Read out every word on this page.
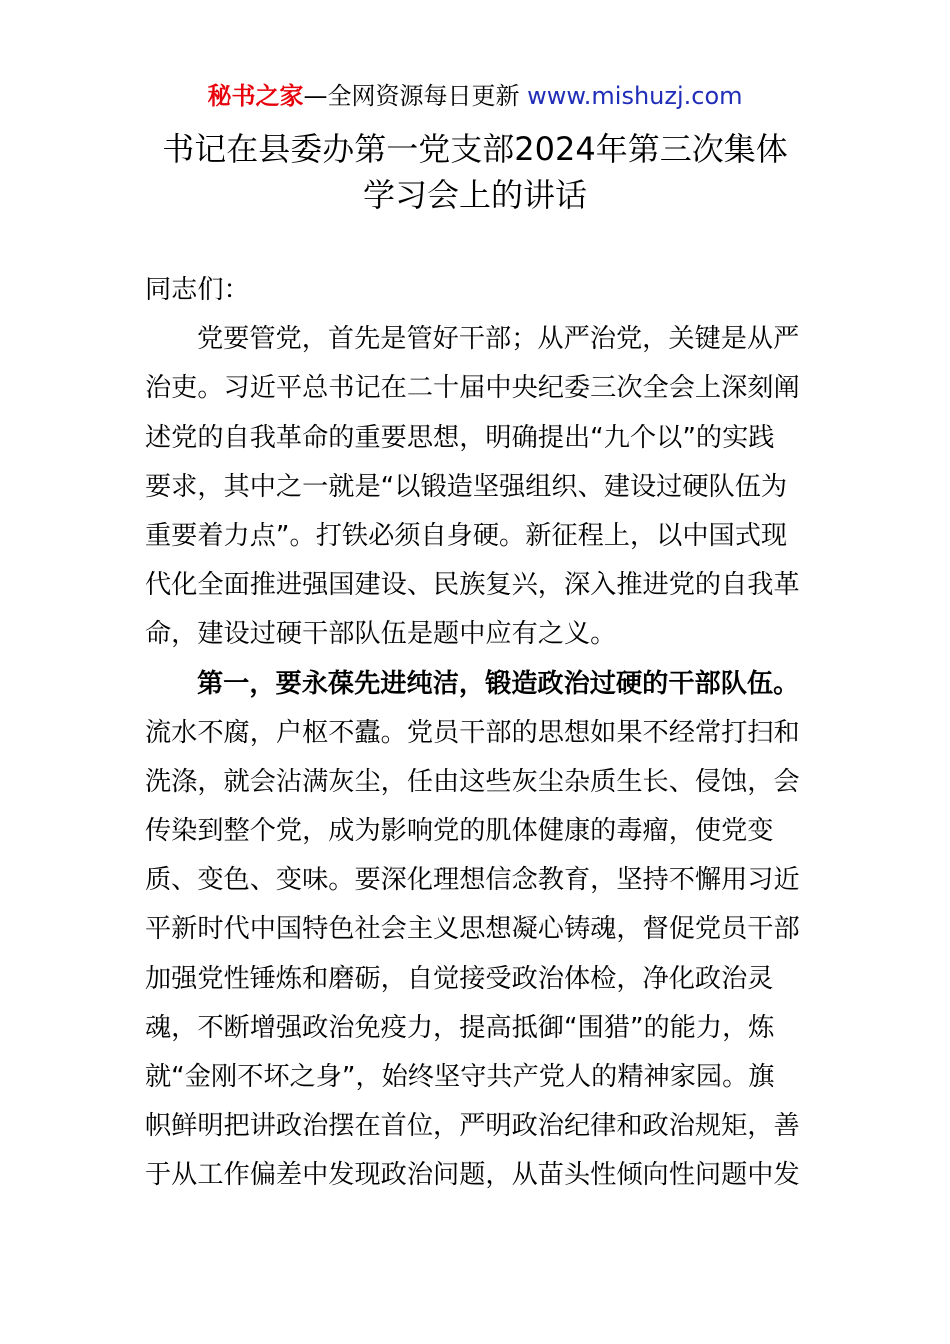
秘书之家—全网资源每日更新 www.mishuzj.com
书记在县委办第一党支部2024年第三次集体
学习会上的讲话
同志们：
党要管党，首先是管好干部；从严治党，关键是从严
治吏。习近平总书记在二十届中央纪委三次全会上深刻阐
述党的自我革命的重要思想，明确提出“九个以”的实践
要求，其中之一就是“以锻造坚强组织、建设过硬队伍为
重要着力点”。打铁必须自身硬。新征程上，以中国式现
代化全面推进强国建设、民族复兴，深入推进党的自我革
命，建设过硬干部队伍是题中应有之义。
第一，要永葆先进纯洁，锻造政治过硬的干部队伍。
流水不腐，户枢不蠹。党员干部的思想如果不经常打扫和
洗涤，就会沾满灰尘，任由这些灰尘杂质生长、侵蚀，会
传染到整个党，成为影响党的肌体健康的毒瘤，使党变
质、变色、变味。要深化理想信念教育，坚持不懈用习近
平新时代中国特色社会主义思想凝心铸魂，督促党员干部
加强党性锤炼和磨砺，自觉接受政治体检，净化政治灵
魂，不断增强政治免疫力，提高抵御“围猎”的能力，炼
就“金刚不坏之身”，始终坚守共产党人的精神家园。旗
帜鲜明把讲政治摆在首位，严明政治纪律和政治规矩，善
于从工作偏差中发现政治问题，从苗头性倾向性问题中发
